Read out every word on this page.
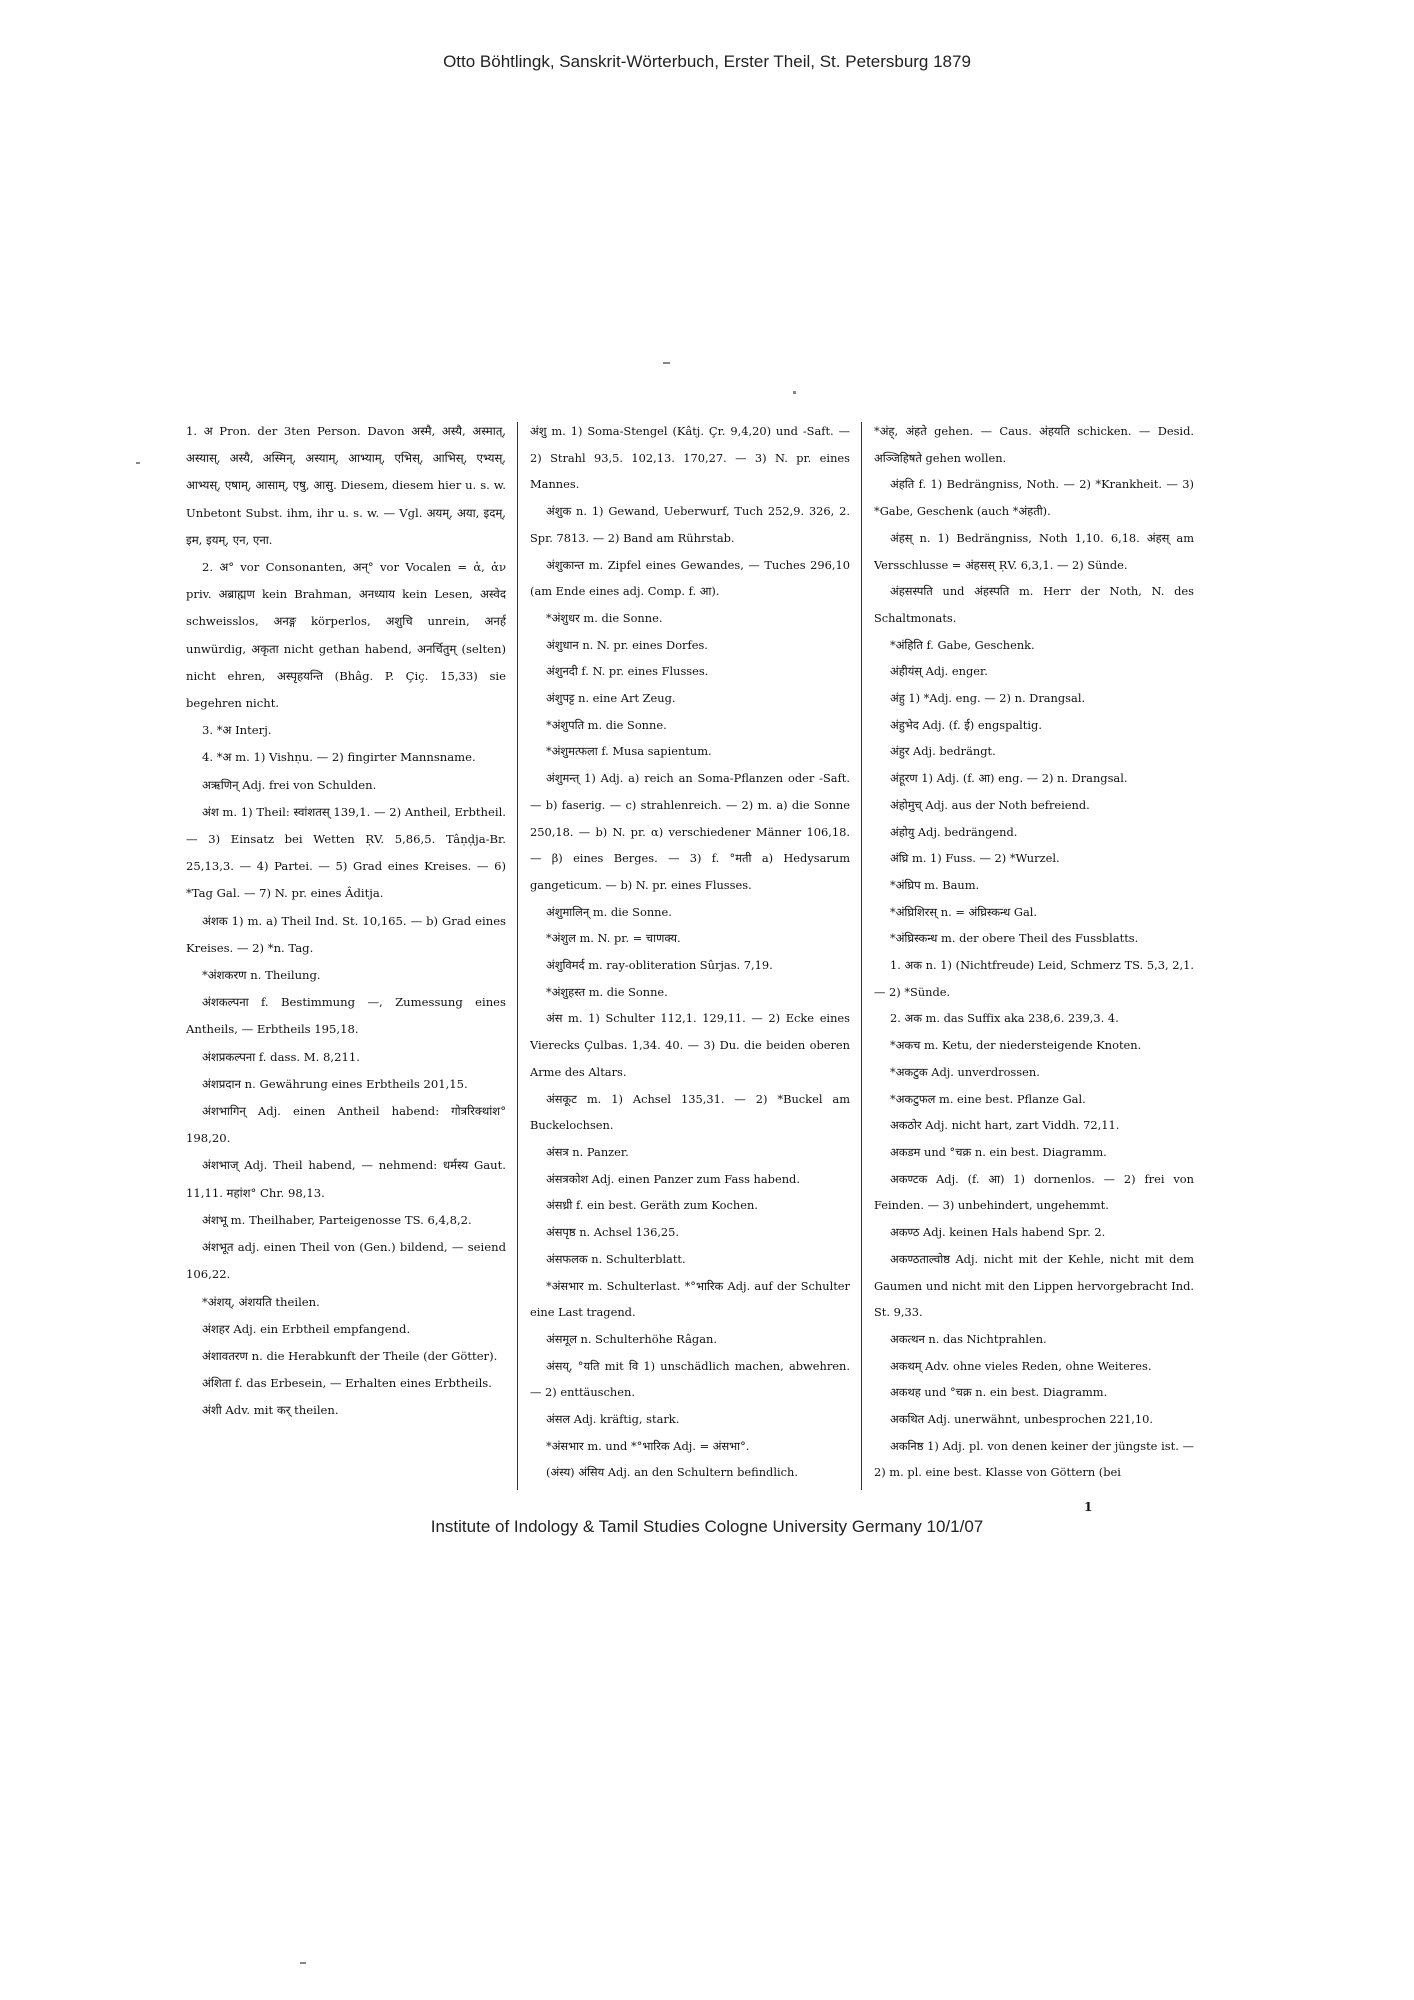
Otto Böhtlingk, Sanskrit-Wörterbuch, Erster Theil, St. Petersburg 1879

1. अ Pron. der 3ten Person. Davon अस्मै, अस्यै, अस्मात्, अस्यास्, अस्यै, अस्मिन्, अस्याम्, आभ्याम्, एभिस्, आभिस्, एभ्यस्, आभ्यस्, एषाम्, आसाम्, एषु, आसु. Diesem, diesem hier u. s. w. Unbetont Subst. ihm, ihr u. s. w. — Vgl. अयम्, अया, इदम्, इम, इयम्, एन, एना.

2. अ° vor Consonanten, अन्° vor Vocalen = ἀ, ἀν priv. अब्राह्मण kein Brahman, अनध्याय kein Lesen, अस्वेद schweisslos, अनङ्ग körperlos, अशुचि unrein, अनर्ह unwürdig, अकृता nicht gethan habend, अनर्चितुम् (selten) nicht ehren, अस्पृहयन्ति (Bhâg. P. Çiç. 15,33) sie begehren nicht.

3. *अ Interj.

4. *अ m. 1) Vishṇu. — 2) fingirter Mannsname.

अऋणिन् Adj. frei von Schulden.

अंश m. 1) Theil: स्वांशतस् 139,1. — 2) Antheil, Erbtheil. — 3) Einsatz bei Wetten ṚV. 5,86,5. Tâṇḍja-Br. 25,13,3. — 4) Partei. — 5) Grad eines Kreises. — 6) *Tag Gal. — 7) N. pr. eines Âditja.

अंशक 1) m. a) Theil Ind. St. 10,165. — b) Grad eines Kreises. — 2) *n. Tag.

*अंशकरण n. Theilung.

अंशकल्पना f. Bestimmung —, Zumessung eines Antheils, — Erbtheils 195,18.

अंशप्रकल्पना f. dass. M. 8,211.

अंशप्रदान n. Gewährung eines Erbtheils 201,15.

अंशभागिन् Adj. einen Antheil habend: गोत्ररिक्थांश° 198,20.

अंशभाज् Adj. Theil habend, — nehmend: धर्मस्य Gaut. 11,11. महांश° Chr. 98,13.

अंशभू m. Theilhaber, Parteigenosse TS. 6,4,8,2.

अंशभूत adj. einen Theil von (Gen.) bildend, — seiend 106,22.

*अंशय्, अंशयति theilen.

अंशहर Adj. ein Erbtheil empfangend.

अंशावतरण n. die Herabkunft der Theile (der Götter).

अंशिता f. das Erbesein, — Erhalten eines Erbtheils.

अंशी Adv. mit कर् theilen.

अंशु m. 1) Soma-Stengel (Kâtj. Çr. 9,4,20) und -Saft. — 2) Strahl 93,5. 102,13. 170,27. — 3) N. pr. eines Mannes.

अंशुक n. 1) Gewand, Ueberwurf, Tuch 252,9. 326, 2. Spr. 7813. — 2) Band am Rührstab.

अंशुकान्त m. Zipfel eines Gewandes, — Tuches 296,10 (am Ende eines adj. Comp. f. आ).

*अंशुधर m. die Sonne.

अंशुधान n. N. pr. eines Dorfes.

अंशुनदी f. N. pr. eines Flusses.

अंशुपट्ट n. eine Art Zeug.

*अंशुपति m. die Sonne.

*अंशुमत्फला f. Musa sapientum.

अंशुमन्त् 1) Adj. a) reich an Soma-Pflanzen oder -Saft. — b) faserig. — c) strahlenreich. — 2) m. a) die Sonne 250,18. — b) N. pr. α) verschiedener Männer 106,18. — β) eines Berges. — 3) f. °मती a) Hedysarum gangeticum. — b) N. pr. eines Flusses.

अंशुमालिन् m. die Sonne.

*अंशुल m. N. pr. = चाणक्य.

अंशुविमर्द m. ray-obliteration Sûrjas. 7,19.

*अंशुहस्त m. die Sonne.

अंस m. 1) Schulter 112,1. 129,11. — 2) Ecke eines Vierecks Çulbas. 1,34. 40. — 3) Du. die beiden oberen Arme des Altars.

अंसकूट m. 1) Achsel 135,31. — 2) *Buckel am Buckelochsen.

अंसत्र n. Panzer.

अंसत्रकोश Adj. einen Panzer zum Fass habend.

अंसध्री f. ein best. Geräth zum Kochen.

अंसपृष्ठ n. Achsel 136,25.

अंसफलक n. Schulterblatt.

*अंसभार m. Schulterlast. *°भारिक Adj. auf der Schulter eine Last tragend.

अंसमूल n. Schulterhöhe Râgan.

अंसय्, °यति mit वि 1) unschädlich machen, abwehren. — 2) enttäuschen.

अंसल Adj. kräftig, stark.

*अंसभार m. und *°भारिक Adj. = अंसभा°.

(अंस्य) अंसिय Adj. an den Schultern befindlich.

*अंह्, अंहते gehen. — Caus. अंहयति schicken. — Desid. अञ्जिहिषते gehen wollen.

अंहति f. 1) Bedrängniss, Noth. — 2) *Krankheit. — 3) *Gabe, Geschenk (auch *अंहती).

अंहस् n. 1) Bedrängniss, Noth 1,10. 6,18. अंहस् am Versschlusse = अंहसस् ṚV. 6,3,1. — 2) Sünde.

अंहसस्पति und अंहस्पति m. Herr der Noth, N. des Schaltmonats.

*अंहिति f. Gabe, Geschenk.

अंहीयंस् Adj. enger.

अंहु 1) *Adj. eng. — 2) n. Drangsal.

अंहुभेद Adj. (f. ई) engspaltig.

अंहुर Adj. bedrängt.

अंहूरण 1) Adj. (f. आ) eng. — 2) n. Drangsal.

अंहोमुच् Adj. aus der Noth befreiend.

अंहोयु Adj. bedrängend.

अंघ्रि m. 1) Fuss. — 2) *Wurzel.

*अंघ्रिप m. Baum.

*अंघ्रिशिरस् n. = अंघ्रिस्कन्ध Gal.

*अंघ्रिस्कन्ध m. der obere Theil des Fussblatts.

1. अक n. 1) (Nichtfreude) Leid, Schmerz TS. 5,3, 2,1. — 2) *Sünde.

2. अक m. das Suffix aka 238,6. 239,3. 4.

*अकच m. Ketu, der niedersteigende Knoten.

*अकटुक Adj. unverdrossen.

*अकटुफल m. eine best. Pflanze Gal.

अकठोर Adj. nicht hart, zart Viddh. 72,11.

अकडम und °चक्र n. ein best. Diagramm.

अकण्टक Adj. (f. आ) 1) dornenlos. — 2) frei von Feinden. — 3) unbehindert, ungehemmt.

अकण्ठ Adj. keinen Hals habend Spr. 2.

अकण्ठताल्वोष्ठ Adj. nicht mit der Kehle, nicht mit dem Gaumen und nicht mit den Lippen hervorgebracht Ind. St. 9,33.

अकत्थन n. das Nichtprahlen.

अकथम् Adv. ohne vieles Reden, ohne Weiteres.

अकथह und °चक्र n. ein best. Diagramm.

अकथित Adj. unerwähnt, unbesprochen 221,10.

अकनिष्ठ 1) Adj. pl. von denen keiner der jüngste ist. — 2) m. pl. eine best. Klasse von Göttern (bei

1
Institute of Indology & Tamil Studies Cologne University Germany 10/1/07
